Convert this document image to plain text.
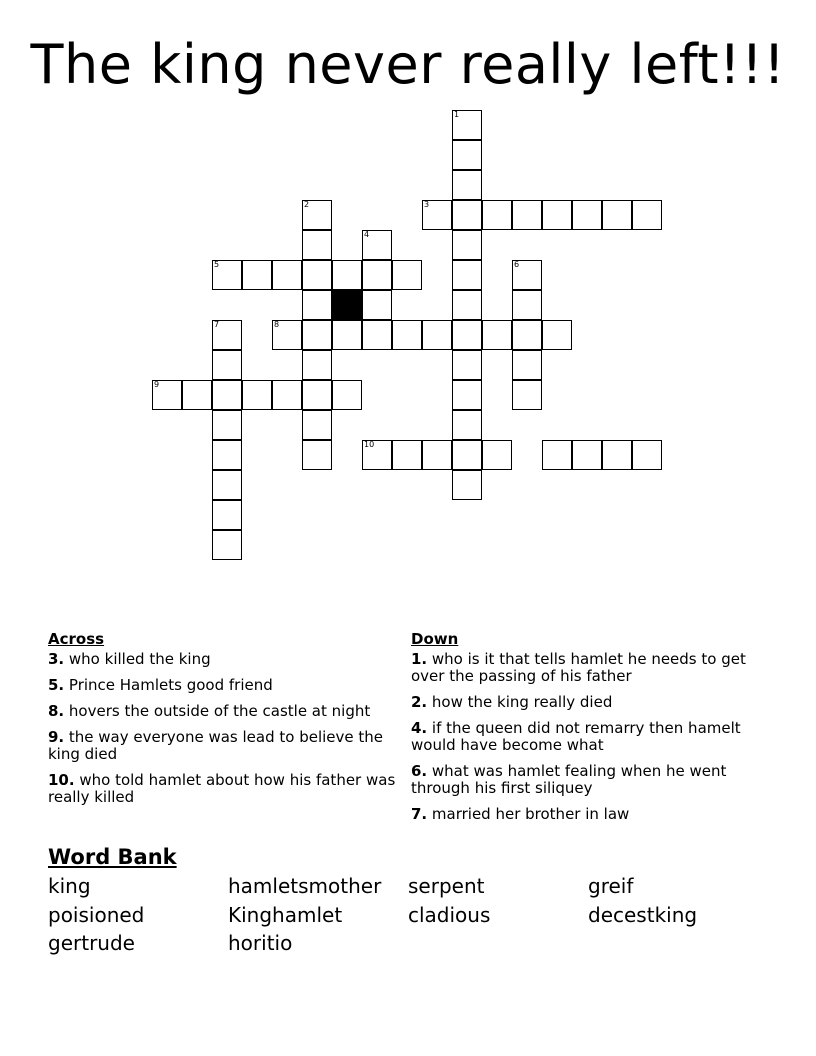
The king never really left!!!
1
3
2
4
5	6
7	8
9
10
Across
3. who killed the king
5. Prince Hamlets good friend
8. hovers the outside of the castle at night
9. the way everyone was lead to believe the king died
10. who told hamlet about how his father was really killed
Down
1. who is it that tells hamlet he needs to get over the passing of his father
2. how the king really died
4. if the queen did not remarry then hamelt would have become what
6. what was hamlet fealing when he went through his first siliquey
7. married her brother in law
Word Bank
king	hamletsmother serpent	greif
poisioned	Kinghamlet	cladious	decestking
gertrude	horitio
